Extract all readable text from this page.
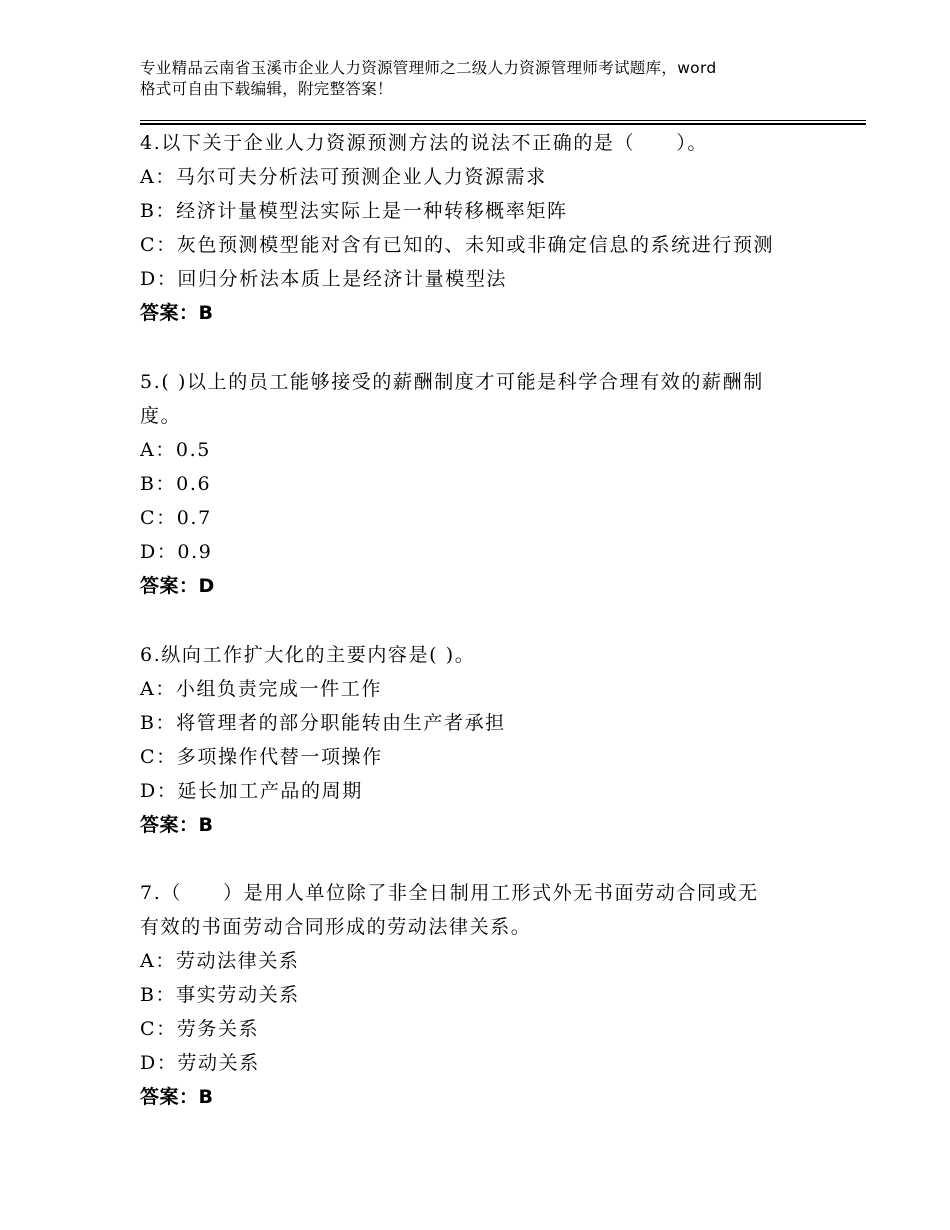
专业精品云南省玉溪市企业人力资源管理师之二级人力资源管理师考试题库，word
格式可自由下载编辑，附完整答案！
4.以下关于企业人力资源预测方法的说法不正确的是（　　）。
A：马尔可夫分析法可预测企业人力资源需求
B：经济计量模型法实际上是一种转移概率矩阵
C：灰色预测模型能对含有已知的、未知或非确定信息的系统进行预测
D：回归分析法本质上是经济计量模型法
答案：B
5.( )以上的员工能够接受的薪酬制度才可能是科学合理有效的薪酬制
度。
A：0.5
B：0.6
C：0.7
D：0.9
答案：D
6.纵向工作扩大化的主要内容是( )。
A：小组负责完成一件工作
B：将管理者的部分职能转由生产者承担
C：多项操作代替一项操作
D：延长加工产品的周期
答案：B
7.（　　）是用人单位除了非全日制用工形式外无书面劳动合同或无
有效的书面劳动合同形成的劳动法律关系。
A：劳动法律关系
B：事实劳动关系
C：劳务关系
D：劳动关系
答案：B
